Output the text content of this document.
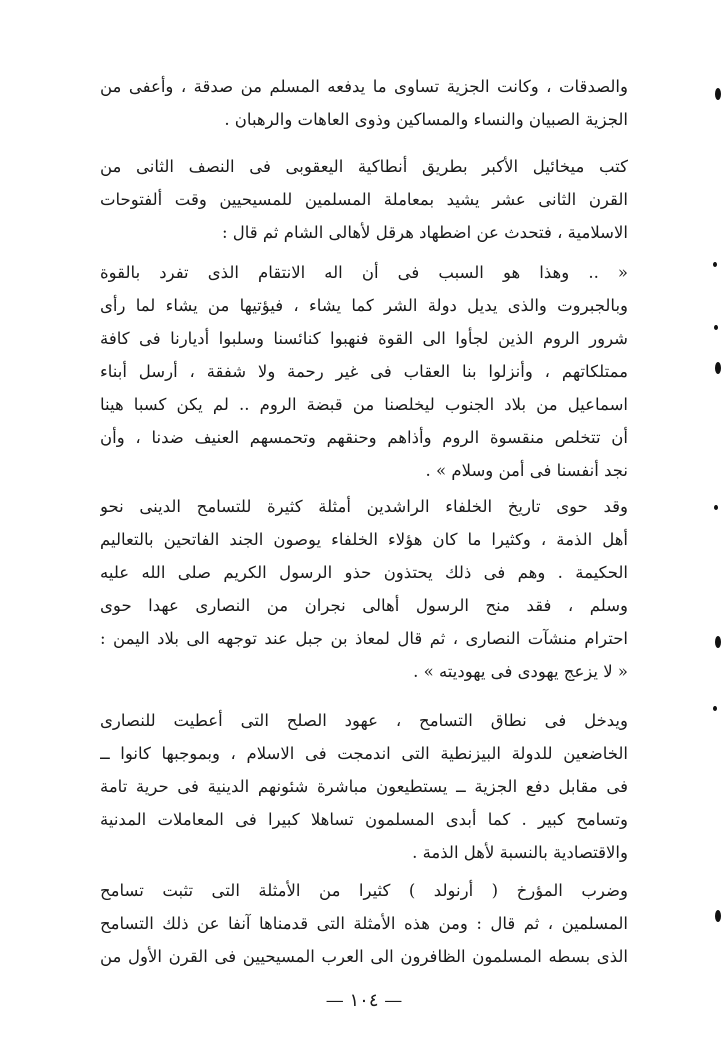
والصدقات ، وكانت الجزية تساوى ما يدفعه المسلم من صدقة ، وأعفى من
الجزية الصبيان والنساء والمساكين وذوى العاهات والرهبان .
كتب ميخائيل الأكبر بطريق أنطاكية اليعقوبى فى النصف الثانى من
القرن الثانى عشر يشيد بمعاملة المسلمين للمسيحيين وقت ألفتوحات
الاسلامية ، فتحدث عن اضطهاد هرقل لأهالى الشام ثم قال :
« .. وهذا هو السبب فى أن اله الانتقام الذى تفرد بالقوة
وبالجبروت والذى يديل دولة الشر كما يشاء ، فيؤتيها من يشاء لما رأى
شرور الروم الذين لجأوا الى القوة فنهبوا كنائسنا وسلبوا أديارنا فى كافة
ممتلكاتهم ، وأنزلوا بنا العقاب فى غير رحمة ولا شفقة ، أرسل أبناء
اسماعيل من بلاد الجنوب ليخلصنا من قبضة الروم .. لم يكن كسبا هينا
أن تتخلص منقسوة الروم وأذاهم وحنقهم وتحمسهم العنيف ضدنا ، وأن
نجد أنفسنا فى أمن وسلام » .
وقد حوى تاريخ الخلفاء الراشدين أمثلة كثيرة للتسامح الدينى نحو
أهل الذمة ، وكثيرا ما كان هؤلاء الخلفاء يوصون الجند الفاتحين بالتعاليم
الحكيمة . وهم فى ذلك يحتذون حذو الرسول الكريم صلى الله عليه
وسلم ، فقد منح الرسول أهالى نجران من النصارى عهدا حوى
احترام منشآت النصارى ، ثم قال لمعاذ بن جبل عند توجهه الى بلاد اليمن :
« لا يزعج يهودى فى يهوديته » .
ويدخل فى نطاق التسامح ، عهود الصلح التى أعطيت للنصارى
الخاضعين للدولة البيزنطية التى اندمجت فى الاسلام ، وبموجبها كانوا ــ
فى مقابل دفع الجزية ــ يستطيعون مباشرة شئونهم الدينية فى حرية تامة
وتسامح كبير . كما أبدى المسلمون تساهلا كبيرا فى المعاملات المدنية
والاقتصادية بالنسبة لأهل الذمة .
وضرب المؤرخ ( أرنولد ) كثيرا من الأمثلة التى تثبت تسامح
المسلمين ، ثم قال : ومن هذه الأمثلة التى قدمناها آنفا عن ذلك التسامح
الذى بسطه المسلمون الظافرون الى العرب المسيحيين فى القرن الأول من
— ١٠٤ —
